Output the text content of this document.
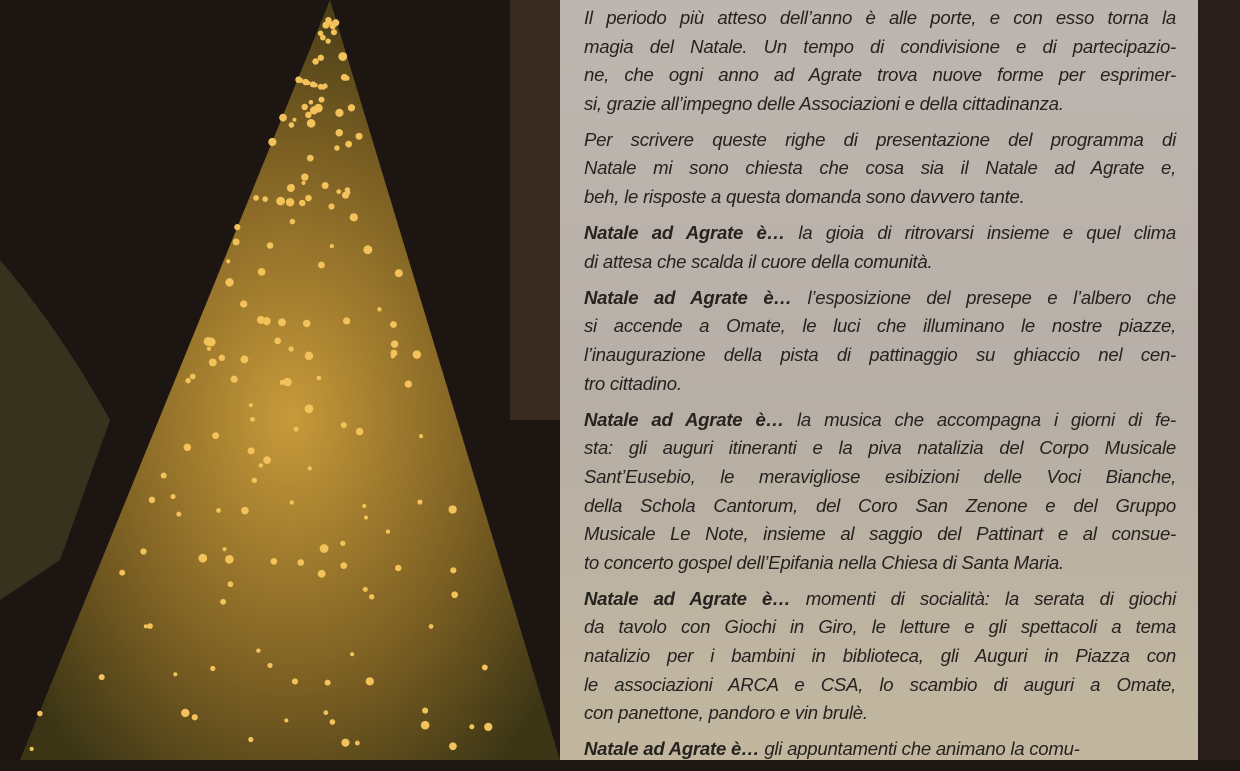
Il periodo più atteso dell’anno è alle porte, e con esso torna la
magia del Natale. Un tempo di condivisione e di partecipazio-
ne, che ogni anno ad Agrate trova nuove forme per esprimer-
si, grazie all’impegno delle Associazioni e della cittadinanza.
Per scrivere queste righe di presentazione del programma di
Natale mi sono chiesta che cosa sia il Natale ad Agrate e,
beh, le risposte a questa domanda sono davvero tante.
Natale ad Agrate è… la gioia di ritrovarsi insieme e quel clima
di attesa che scalda il cuore della comunità.
Natale ad Agrate è… l’esposizione del presepe e l’albero che
si accende a Omate, le luci che illuminano le nostre piazze,
l’inaugurazione della pista di pattinaggio su ghiaccio nel cen-
tro cittadino.
Natale ad Agrate è… la musica che accompagna i giorni di fe-
sta: gli auguri itineranti e la piva natalizia del Corpo Musicale
Sant’Eusebio, le meravigliose esibizioni delle Voci Bianche,
della Schola Cantorum, del Coro San Zenone e del Gruppo
Musicale Le Note, insieme al saggio del Pattinart e al consue-
to concerto gospel dell’Epifania nella Chiesa di Santa Maria.
Natale ad Agrate è… momenti di socialità: la serata di giochi
da tavolo con Giochi in Giro, le letture e gli spettacoli a tema
natalizio per i bambini in biblioteca, gli Auguri in Piazza con
le associazioni ARCA e CSA, lo scambio di auguri a Omate,
con panettone, pandoro e vin brulè.
Natale ad Agrate è… gli appuntamenti che animano la comu-
